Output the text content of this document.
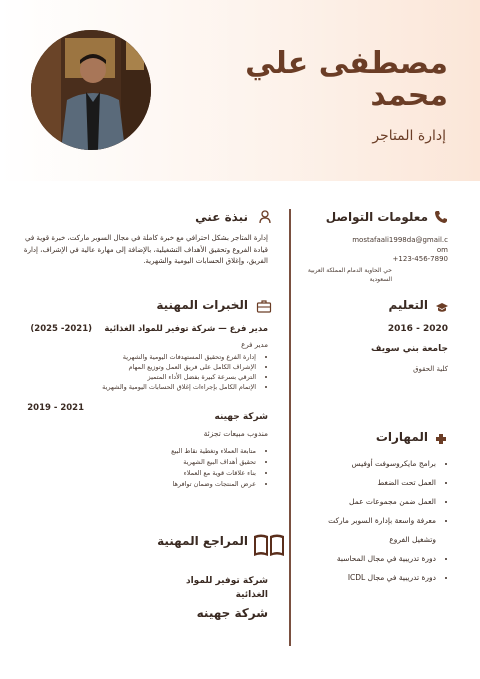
مصطفى علي محمد
إدارة المتاجر
معلومات التواصل
mostafaali1998da@gmail.com
+123-456-7890
حي الحاوية الدمام المملكة العربية السعودية
التعليم
2016 - 2020
جامعة بني سويف
كلية الحقوق
المهارات
• برامج مايكروسوفت أوفيس
• العمل تحت الضغط
• العمل ضمن مجموعات عمل
• معرفة واسعة بإدارة السوبر ماركت وتشغيل الفروع
• دورة تدريبية في مجال المحاسبة
• دورة تدريبية في مجال ICDL
نبذة عني
إدارة المتاجر بشكل احترافي مع خبرة كاملة في مجال السوبر ماركت، خبرة قوية في قيادة الفروع وتحقيق الأهداف التشغيلية، بالإضافة إلى مهارة عالية في الإشراف، إدارة الفريق، وإغلاق الحسابات اليومية والشهرية.
الخبرات المهنية
مدير فرع — شركة توفير للمواد الغذائية
(2025 -2021)
مدير فرع
• إدارة الفرع وتحقيق المستهدفات اليومية والشهرية
• الإشراف الكامل على فريق العمل وتوزيع المهام
• الترقي بسرعة كبيرة بفضل الأداء المتميز
• الإتمام الكامل بإجراءات إغلاق الحسابات اليومية والشهرية
2019 - 2021
شركة جهينه
مندوب مبيعات تجزئة
• متابعة العملاء وتغطية نقاط البيع
• تحقيق أهداف البيع الشهرية
• بناء علاقات قوية مع العملاء
• عرض المنتجات وضمان توافرها
المراجع المهنية
شركة توفير للمواد الغذائية
شركة جهينه
